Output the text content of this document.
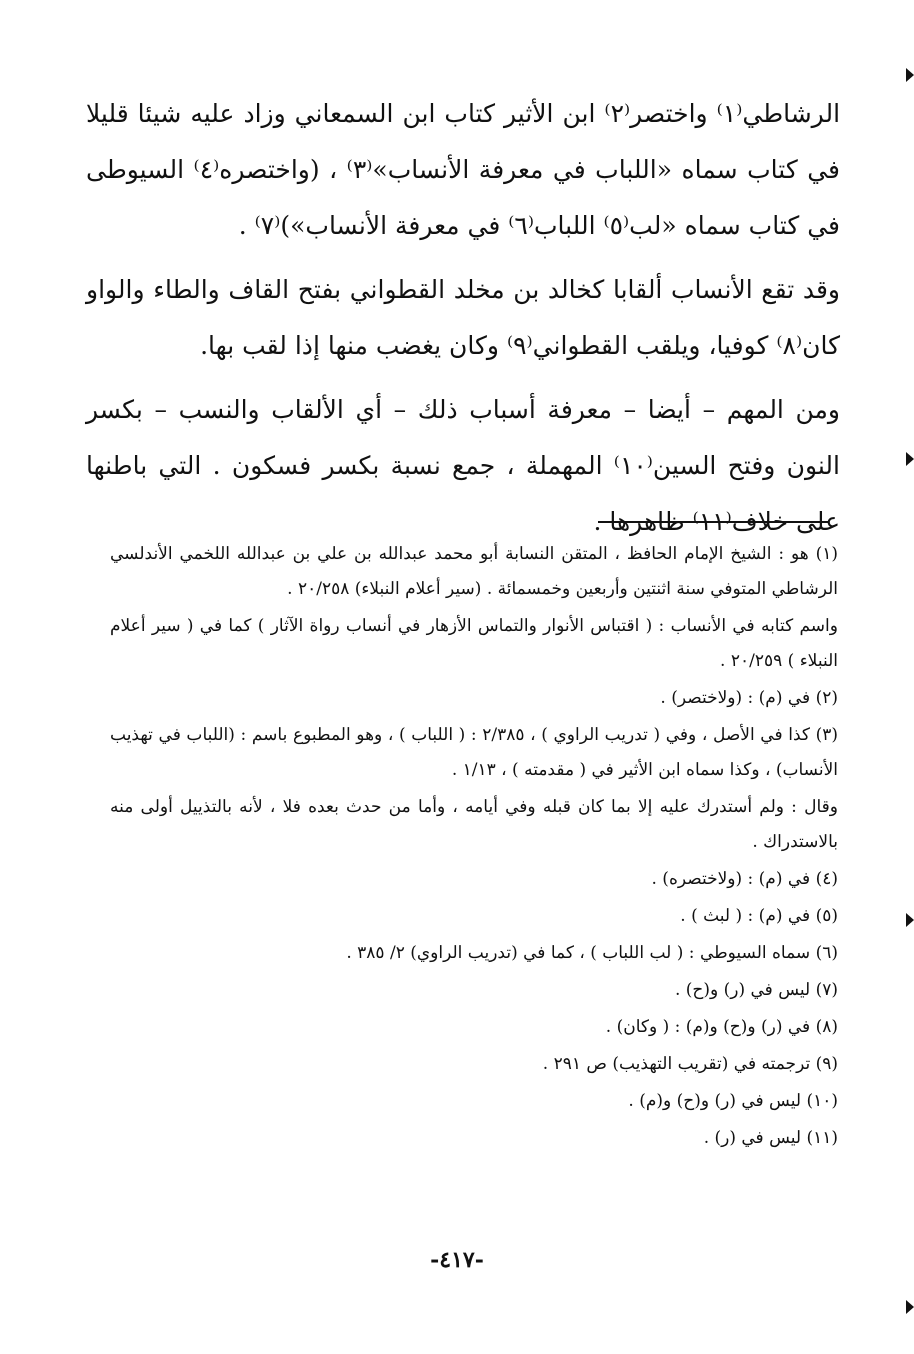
الرشاطي⁽١⁾ واختصر⁽٢⁾ ابن الأثير كتاب ابن السمعاني وزاد عليه شيئا قليلا في كتاب سماه «اللباب في معرفة الأنساب»⁽٣⁾ ، (واختصره⁽٤⁾ السيوطى في كتاب سماه «لب⁽٥⁾ اللباب⁽٦⁾ في معرفة الأنساب»)⁽٧⁾ .

وقد تقع الأنساب ألقابا كخالد بن مخلد القطواني بفتح القاف والطاء والواو كان⁽٨⁾ كوفيا، ويلقب القطواني⁽٩⁾ وكان يغضب منها إذا لقب بها.

ومن المهم – أيضا – معرفة أسباب ذلك – أي الألقاب والنسب – بكسر النون وفتح السين⁽١٠⁾ المهملة ، جمع نسبة بكسر فسكون . التي باطنها على خلاف⁽١١⁾ ظاهرها .

(١) هو : الشيخ الإمام الحافظ ، المتقن النسابة أبو محمد عبدالله بن علي بن عبدالله اللخمي الأندلسي الرشاطي المتوفي سنة اثنتين وأربعين وخمسمائة . (سير أعلام النبلاء) ٢٠/٢٥٨ .
واسم كتابه في الأنساب : ( اقتباس الأنوار والتماس الأزهار في أنساب رواة الآثار ) كما في ( سير أعلام النبلاء ) ٢٠/٢٥٩ .
(٢) في (م) : (ولاختصر) .
(٣) كذا في الأصل ، وفي ( تدريب الراوي ) ، ٢/٣٨٥ : ( اللباب ) ، وهو المطبوع باسم : (اللباب في تهذيب الأنساب) ، وكذا سماه ابن الأثير في ( مقدمته ) ، ١/١٣ .
وقال : ولم أستدرك عليه إلا بما كان قبله وفي أيامه ، وأما من حدث بعده فلا ، لأنه بالتذييل أولى منه بالاستدراك .
(٤) في (م) : (ولاختصره) .
(٥) في (م) : ( لبث ) .
(٦) سماه السيوطي : ( لب اللباب ) ، كما في (تدريب الراوي) ٢/ ٣٨٥ .
(٧) ليس في (ر) و(ح) .
(٨) في (ر) و(ح) و(م) : ( وكان) .
(٩) ترجمته في (تقريب التهذيب) ص ٢٩١ .
(١٠) ليس في (ر) و(ح) و(م) .
(١١) ليس في (ر) .
-٤١٧-
